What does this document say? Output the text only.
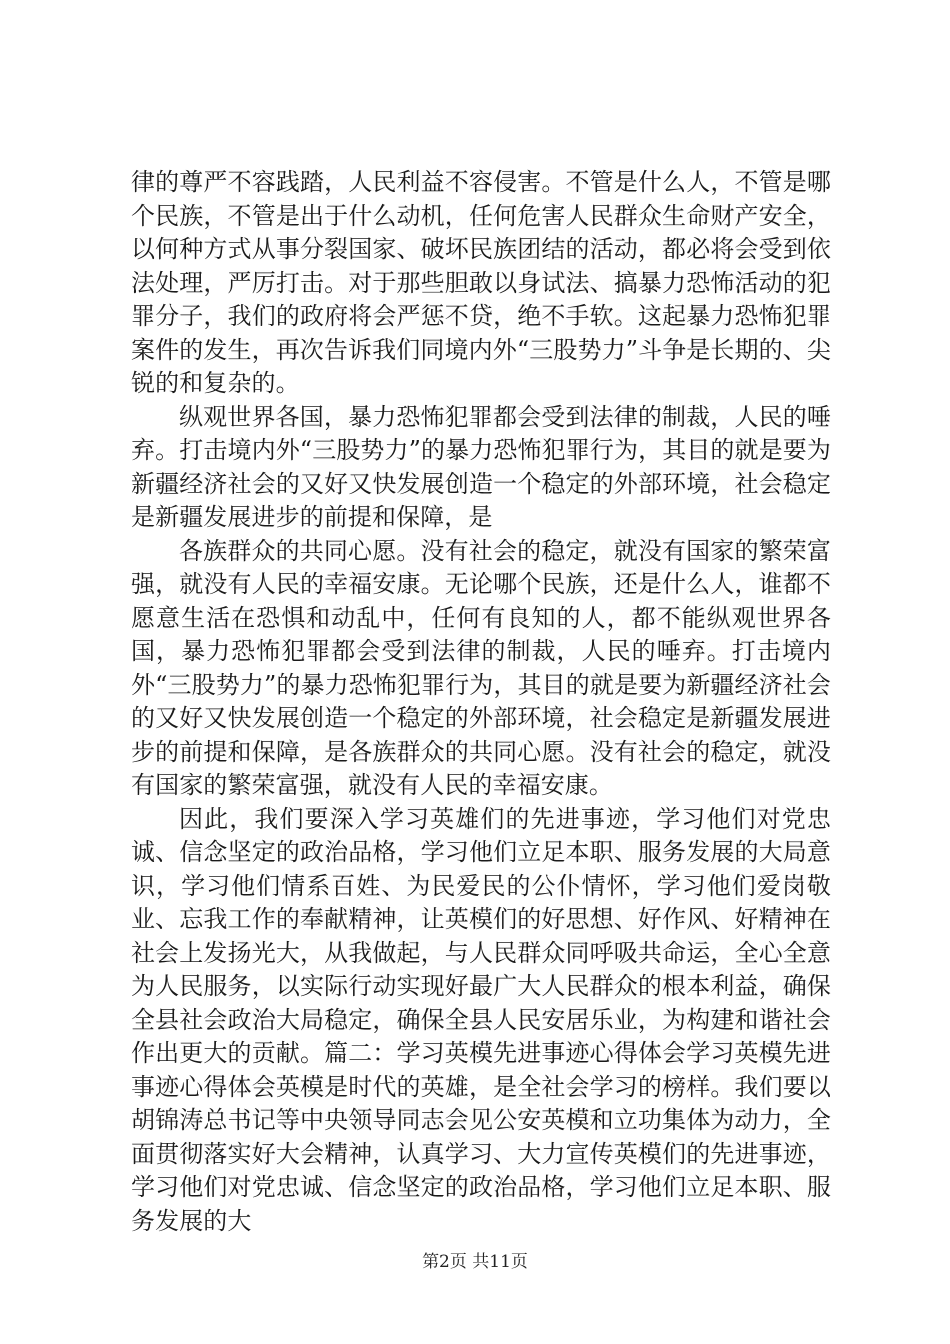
律的尊严不容践踏，人民利益不容侵害。不管是什么人，不管是哪个民族，不管是出于什么动机，任何危害人民群众生命财产安全，以何种方式从事分裂国家、破坏民族团结的活动，都必将会受到依法处理，严厉打击。对于那些胆敢以身试法、搞暴力恐怖活动的犯罪分子，我们的政府将会严惩不贷，绝不手软。这起暴力恐怖犯罪案件的发生，再次告诉我们同境内外“三股势力”斗争是长期的、尖锐的和复杂的。

纵观世界各国，暴力恐怖犯罪都会受到法律的制裁，人民的唾弃。打击境内外“三股势力”的暴力恐怖犯罪行为，其目的就是要为新疆经济社会的又好又快发展创造一个稳定的外部环境，社会稳定是新疆发展进步的前提和保障，是

各族群众的共同心愿。没有社会的稳定，就没有国家的繁荣富强，就没有人民的幸福安康。无论哪个民族，还是什么人，谁都不愿意生活在恐惧和动乱中，任何有良知的人，都不能纵观世界各国，暴力恐怖犯罪都会受到法律的制裁，人民的唾弃。打击境内外“三股势力”的暴力恐怖犯罪行为，其目的就是要为新疆经济社会的又好又快发展创造一个稳定的外部环境，社会稳定是新疆发展进步的前提和保障，是各族群众的共同心愿。没有社会的稳定，就没有国家的繁荣富强，就没有人民的幸福安康。

因此，我们要深入学习英雄们的先进事迹，学习他们对党忠诚、信念坚定的政治品格，学习他们立足本职、服务发展的大局意识，学习他们情系百姓、为民爱民的公仆情怀，学习他们爱岗敬业、忘我工作的奉献精神，让英模们的好思想、好作风、好精神在社会上发扬光大，从我做起，与人民群众同呼吸共命运，全心全意为人民服务，以实际行动实现好最广大人民群众的根本利益，确保全县社会政治大局稳定，确保全县人民安居乐业，为构建和谐社会作出更大的贡献。篇二：学习英模先进事迹心得体会学习英模先进事迹心得体会英模是时代的英雄，是全社会学习的榜样。我们要以胡锦涛总书记等中央领导同志会见公安英模和立功集体为动力，全面贯彻落实好大会精神，认真学习、大力宣传英模们的先进事迹，学习他们对党忠诚、信念坚定的政治品格，学习他们立足本职、服务发展的大

第2页 共11页
